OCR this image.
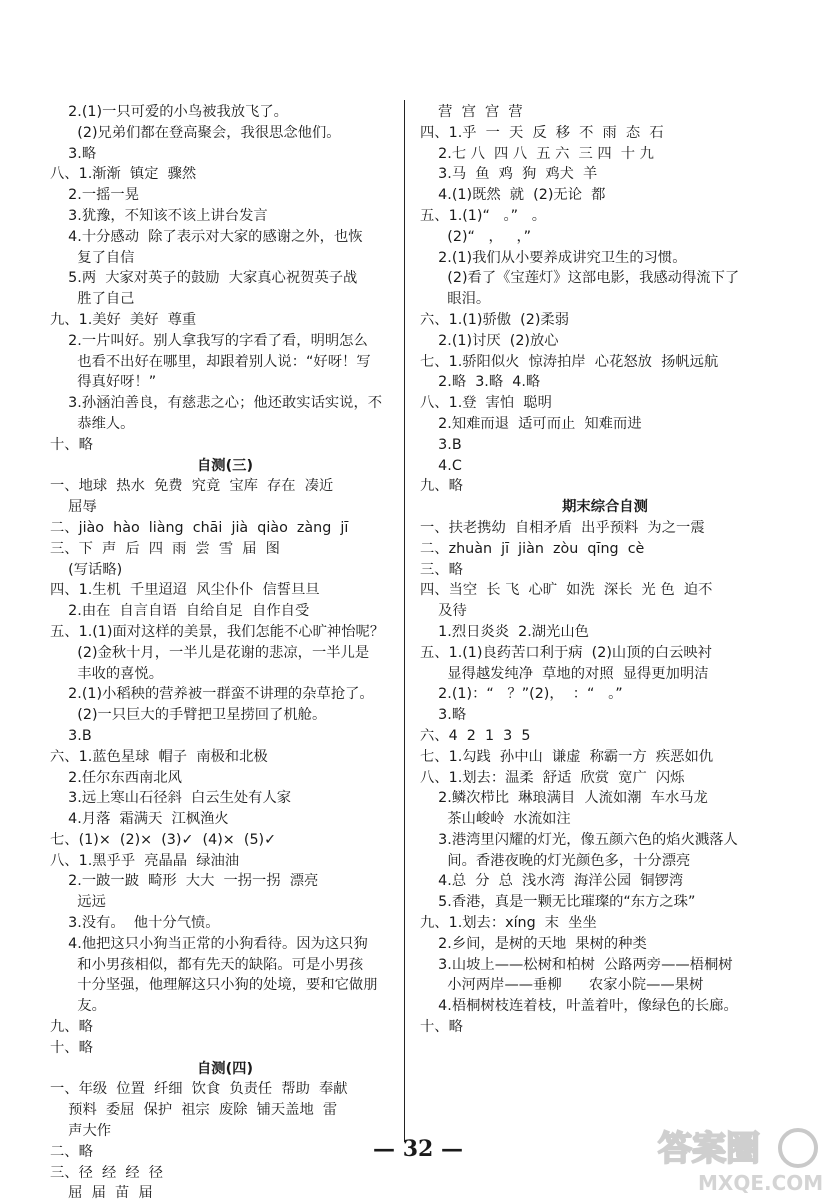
2.(1)一只可爱的小鸟被我放飞了。
(2)兄弟们都在登高聚会，我很思念他们。
3.略
八、1.渐渐  镇定  骤然
2.一摇一晃
3.犹豫，不知该不该上讲台发言
4.十分感动  除了表示对大家的感谢之外，也恢
复了自信
5.两  大家对英子的鼓励  大家真心祝贺英子战
胜了自己
九、1.美好  美好  尊重
2.一片叫好。别人拿我写的字看了看，明明怎么
也看不出好在哪里，却跟着别人说：“好呀！写
得真好呀！”
3.孙涵泊善良，有慈悲之心；他还敢实话实说，不
恭维人。
十、略
自测(三)
一、地球  热水  免费  究竟  宝库  存在  凑近
屈辱
二、jiào  hào  liàng  chāi  jià  qiào  zàng  jī
三、下  声  后  四  雨  尝  雪  届  图
(写话略)
四、1.生机  千里迢迢  风尘仆仆  信誓旦旦
2.由在  自言自语  自给自足  自作自受
五、1.(1)面对这样的美景，我们怎能不心旷神怡呢？
(2)金秋十月，一半儿是花谢的悲凉，一半儿是
丰收的喜悦。
2.(1)小稻秧的营养被一群蛮不讲理的杂草抢了。
(2)一只巨大的手臂把卫星捞回了机舱。
3.B
六、1.蓝色星球  帽子  南极和北极
2.任尔东西南北风
3.远上寒山石径斜  白云生处有人家
4.月落  霜满天  江枫渔火
七、(1)×  (2)×  (3)✓  (4)×  (5)✓
八、1.黑乎乎  亮晶晶  绿油油
2.一跛一跛  畸形  大大  一拐一拐  漂亮
远远
3.没有。  他十分气愤。
4.他把这只小狗当正常的小狗看待。因为这只狗
和小男孩相似，都有先天的缺陷。可是小男孩
十分坚强，他理解这只小狗的处境，要和它做朋
友。
九、略
十、略
自测(四)
一、年级  位置  纤细  饮食  负责任  帮助  奉献
预料  委屈  保护  祖宗  废除  铺天盖地  雷
声大作
二、略
三、径  经  经  径
屈  届  苗  届
营  宫  宫  营
四、1.乎  一  天  反  移  不  雨  态  石
2.七 八  四 八  五 六  三 四  十 九
3.马  鱼  鸡  狗  鸡犬  羊
4.(1)既然  就  (2)无论  都
五、1.(1)“   。”   。
(2)“   ，   ，”
2.(1)我们从小要养成讲究卫生的习惯。
(2)看了《宝莲灯》这部电影，我感动得流下了
眼泪。
六、1.(1)骄傲  (2)柔弱
2.(1)讨厌  (2)放心
七、1.骄阳似火  惊涛拍岸  心花怒放  扬帆远航
2.略  3.略  4.略
八、1.登  害怕  聪明
2.知难而退  适可而止  知难而进
3.B
4.C
九、略
期末综合自测
一、扶老携幼  自相矛盾  出乎预料  为之一震
二、zhuàn  jī  jiàn  zòu  qīng  cè
三、略
四、当空  长 飞  心旷  如洗  深长  光 色  迫不
及待
1.烈日炎炎  2.湖光山色
五、1.(1)良药苦口利于病  (2)山顶的白云映衬
显得越发纯净  草地的对照  显得更加明洁
2.(1)：“   ？”(2)，  ：“   。”
3.略
六、4  2  1  3  5
七、1.勾践  孙中山  谦虚  称霸一方  疾恶如仇
八、1.划去：温柔  舒适  欣赏  宽广  闪烁
2.鳞次栉比  琳琅满目  人流如潮  车水马龙
茶山峻岭  水流如注
3.港湾里闪耀的灯光，像五颜六色的焰火溅落人
间。香港夜晚的灯光颜色多，十分漂亮
4.总  分  总  浅水湾  海洋公园  铜锣湾
5.香港，真是一颗无比璀璨的“东方之珠”
九、1.划去：xíng  末  坐坐
2.乡间，是树的天地  果树的种类
3.山坡上——松树和柏树  公路两旁——梧桐树
小河两岸——垂柳      农家小院——果树
4.梧桐树枝连着枝，叶盖着叶，像绿色的长廊。
十、略
— 32 —	答案圈
MXQE.COM
